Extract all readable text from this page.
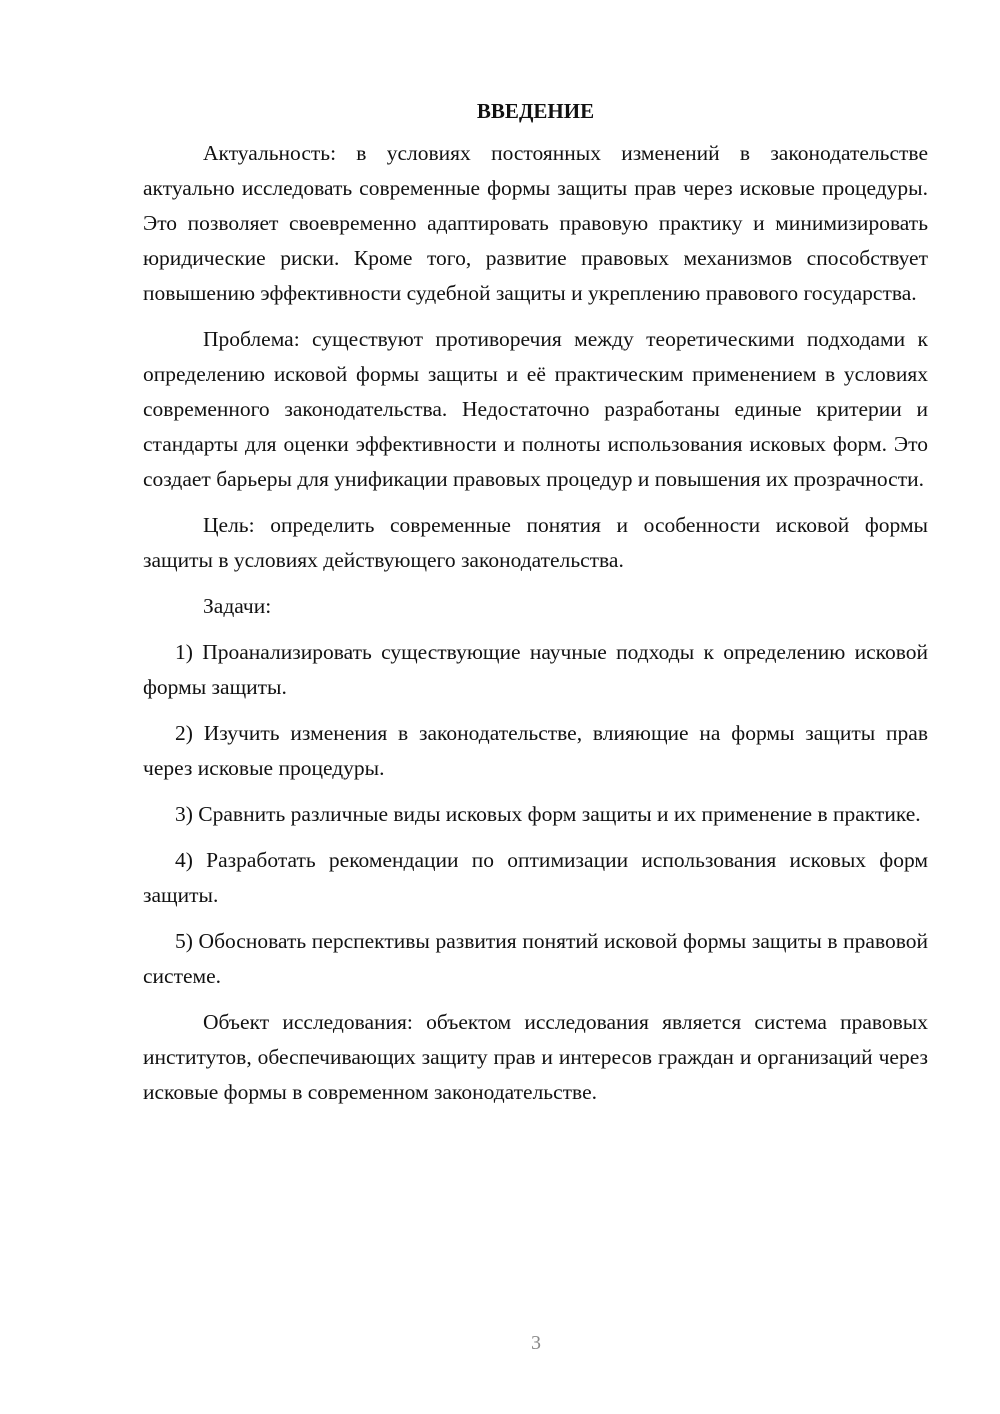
ВВЕДЕНИЕ

Актуальность: в условиях постоянных изменений в законодательстве актуально исследовать современные формы защиты прав через исковые процедуры. Это позволяет своевременно адаптировать правовую практику и минимизировать юридические риски. Кроме того, развитие правовых механизмов способствует повышению эффективности судебной защиты и укреплению правового государства.

Проблема: существуют противоречия между теоретическими подходами к определению исковой формы защиты и её практическим применением в условиях современного законодательства. Недостаточно разработаны единые критерии и стандарты для оценки эффективности и полноты использования исковых форм. Это создает барьеры для унификации правовых процедур и повышения их прозрачности.

Цель: определить современные понятия и особенности исковой формы защиты в условиях действующего законодательства.

Задачи:

1) Проанализировать существующие научные подходы к определению исковой формы защиты.

2) Изучить изменения в законодательстве, влияющие на формы защиты прав через исковые процедуры.

3) Сравнить различные виды исковых форм защиты и их применение в практике.

4) Разработать рекомендации по оптимизации использования исковых форм защиты.

5) Обосновать перспективы развития понятий исковой формы защиты в правовой системе.

Объект исследования: объектом исследования является система правовых институтов, обеспечивающих защиту прав и интересов граждан и организаций через исковые формы в современном законодательстве.

3
